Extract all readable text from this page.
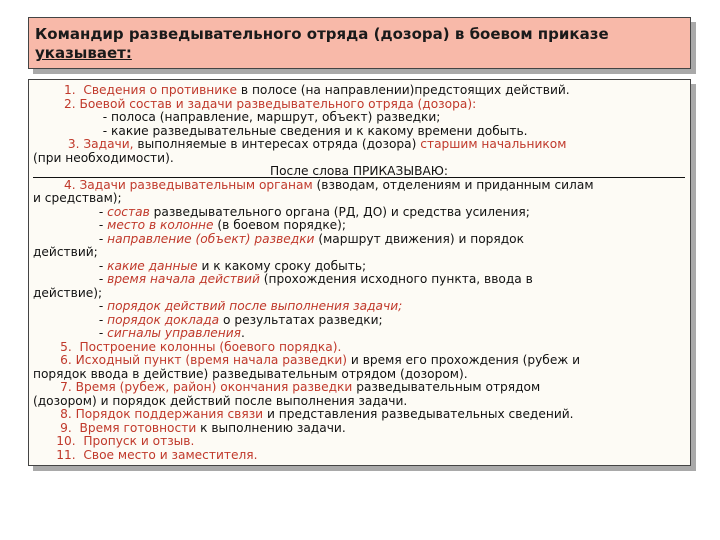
Командир разведывательного отряда (дозора) в боевом приказе
указывает:
1.  Сведения о противнике в полосе (на направлении)предстоящих действий.
2. Боевой состав и задачи разведывательного отряда (дозора):
- полоса (направление, маршрут, объект) разведки;
- какие разведывательные сведения и к какому времени добыть.
3. Задачи, выполняемые в интересах отряда (дозора) старшим начальником
(при необходимости).
После слова ПРИКАЗЫВАЮ:
4. Задачи разведывательным органам (взводам, отделениям и приданным силам
и средствам);
- состав разведывательного органа (РД, ДО) и средства усиления;
- место в колонне (в боевом порядке);
- направление (объект) разведки (маршрут движения) и порядок
действий;
- какие данные и к какому сроку добыть;
- время начала действий (прохождения исходного пункта, ввода в
действие);
- порядок действий после выполнения задачи;
- порядок доклада о результатах разведки;
- сигналы управления.
5.  Построение колонны (боевого порядка).
6. Исходный пункт (время начала разведки) и время его прохождения (рубеж и
порядок ввода в действие) разведывательным отрядом (дозором).
7. Время (рубеж, район) окончания разведки разведывательным отрядом
(дозором) и порядок действий после выполнения задачи.
8. Порядок поддержания связи и представления разведывательных сведений.
9.  Время готовности к выполнению задачи.
10.  Пропуск и отзыв.
11.  Свое место и заместителя.
